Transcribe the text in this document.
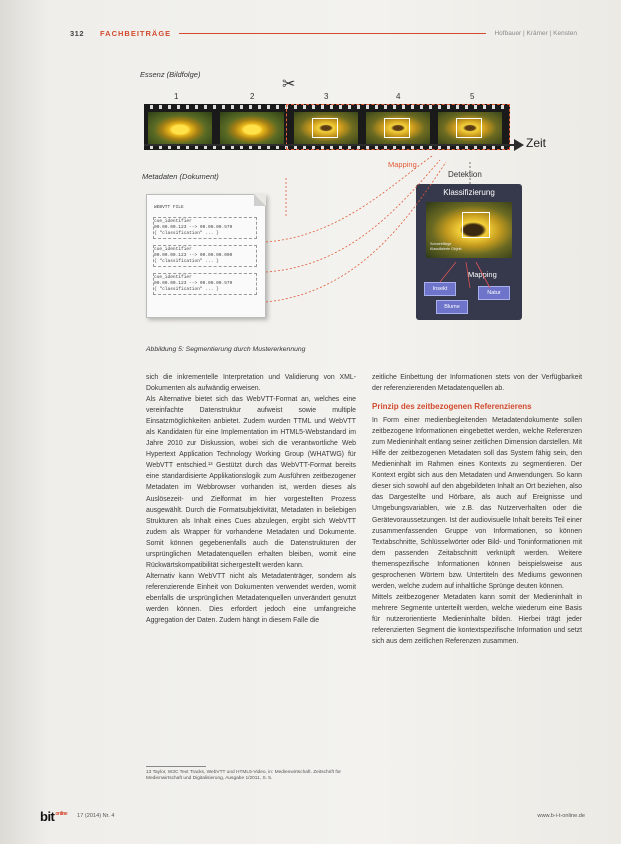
312 FACHBEITRÄGE	Hofbauer | Krämer | Kensten
Essenz (Bildfolge)
✂
1	2	3	4	5
Zeit
Mapping
Metadaten (Dokument)	Detektion
WEBVTT FILE
cue_identifier
00.00.00.123 --> 00.00.00.570
{ "classification" ... }
cue_identifier
00.00.00.123 --> 00.00.00.000
{ "classification" ... }
cue_identifier
00.00.00.123 --> 00.00.00.570
{ "classification" ... }
Klassifizierung
Schwebfliege
Klassifizierte Objekt
Mapping
Insekt
Natur
Blume
Abbildung 5: Segmentierung durch Mustererkennung

sich die inkrementelle Interpretation und Validierung von XML-Dokumenten als aufwändig erweisen.

Als Alternative bietet sich das WebVTT-Format an, welches eine vereinfachte Datenstruktur aufweist sowie multiple Einsatzmöglichkeiten anbietet. Zudem wurden TTML und WebVTT als Kandidaten für eine Implementation im HTML5-Webstandard im Jahre 2010 zur Diskussion, wobei sich die verantwortliche Web Hypertext Application Technology Working Group (WHATWG) für WebVTT entschied.¹³ Gestützt durch das WebVTT-Format bereits eine standardisierte Applikationslogik zum Ausführen zeitbezogener Metadaten im Webbrowser vorhanden ist, werden dieses als Auslösezeit- und Zielformat im hier vorgestellten Prozess ausgewählt. Durch die Formatsubjektivität, Metadaten in beliebigen Strukturen als Inhalt eines Cues abzulegen, ergibt sich WebVTT zudem als Wrapper für vorhandene Metadaten und Dokumente. Somit können gegebenenfalls auch die Datenstrukturen der ursprünglichen Metadatenquellen erhalten bleiben, womit eine Rückwärtskompatibilität sichergestellt werden kann.

Alternativ kann WebVTT nicht als Metadatenträger, sondern als referenzierende Einheit von Dokumenten verwendet werden, womit ebenfalls die ursprünglichen Metadatenquellen unverändert genutzt werden können. Dies erfordert jedoch eine umfangreiche Aggregation der Daten. Zudem hängt in diesem Falle die

zeitliche Einbettung der Informationen stets von der Verfügbarkeit der referenzierenden Metadatenquellen ab.

Prinzip des zeitbezogenen Referenzierens

In Form einer medienbegleitenden Metadatendokumente sollen zeitbezogene Informationen eingebettet werden, welche Referenzen zum Medieninhalt entlang seiner zeitlichen Dimension darstellen. Mit Hilfe der zeitbezogenen Metadaten soll das System fähig sein, den Medieninhalt im Rahmen eines Kontexts zu segmentieren. Der Kontext ergibt sich aus den Metadaten und Anwendungen. So kann dieser sich sowohl auf den abgebildeten Inhalt an Ort beziehen, also das Dargestellte und Hörbare, als auch auf Ereignisse und Umgebungsvariablen, wie z.B. das Nutzerverhalten oder die Gerätevoraussetzungen. Ist der audiovisuelle Inhalt bereits Teil einer zusammenfassenden Gruppe von Informationen, so können Textabschnitte, Schlüsselwörter oder Bild- und Toninformationen mit dem passenden Zeitabschnitt verknüpft werden. Weitere themenspezifische Informationen können beispielsweise aus gesprochenen Wörtern bzw. Untertiteln des Mediums gewonnen werden, welche zudem auf inhaltliche Sprünge deuten können.

Mittels zeitbezogener Metadaten kann somit der Medieninhalt in mehrere Segmente unterteilt werden, welche wiederum eine Basis für nutzerorientierte Medieninhalte bilden. Hierbei trägt jeder referenzierten Segment die kontextspezifische Information und setzt sich aus dem zeitlichen Referenzen zusammen.

13 Taylor, W3C Text Tracks, WebVTT und HTML5-Video, in: Medienwirtschaft. Zeitschrift für Medienwirtschaft und Digitalisierung, Ausgabe 1/2011, S. 5.
bit$^{online}$ 17 (2014) Nr. 4	www.b-i-t-online.de
